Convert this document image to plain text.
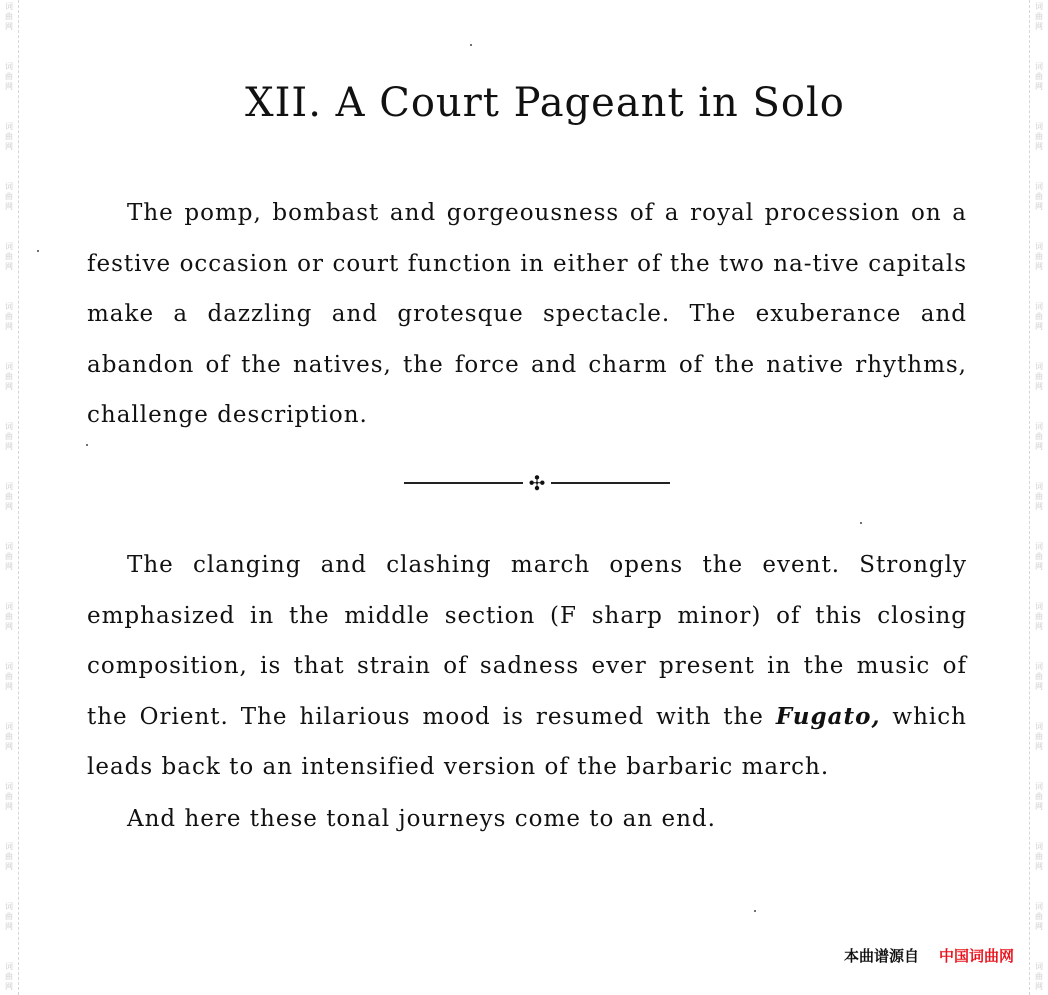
XII. A Court Pageant in Solo

The pomp, bombast and gorgeousness of a royal procession on a festive occasion or court function in either of the two na-tive capitals make a dazzling and grotesque spectacle. The exuberance and abandon of the natives, the force and charm of the native rhythms, challenge description.

✣

The clanging and clashing march opens the event. Strongly emphasized in the middle section (F sharp minor) of this closing composition, is that strain of sadness ever present in the music of the Orient. The hilarious mood is resumed with the Fugato, which leads back to an intensified version of the barbaric march.

And here these tonal journeys come to an end.

本曲谱源自 中国词曲网
词
曲
网
词
曲
网
词
曲
网
词
曲
网
词
曲
网
词
曲
网
词
曲
网
词
曲
网
词
曲
网
词
曲
网
词
曲
网
词
曲
网
词
曲
网
词
曲
网
词
曲
网
词
曲
网
词
曲
网
词
曲
网
词
曲
网
词
曲
网
词
曲
网
词
曲
网
词
曲
网
词
曲
网
词
曲
网
词
曲
网
词
曲
网
词
曲
网
词
曲
网
词
曲
网
词
曲
网
词
曲
网
词
曲
网
词
曲
网
